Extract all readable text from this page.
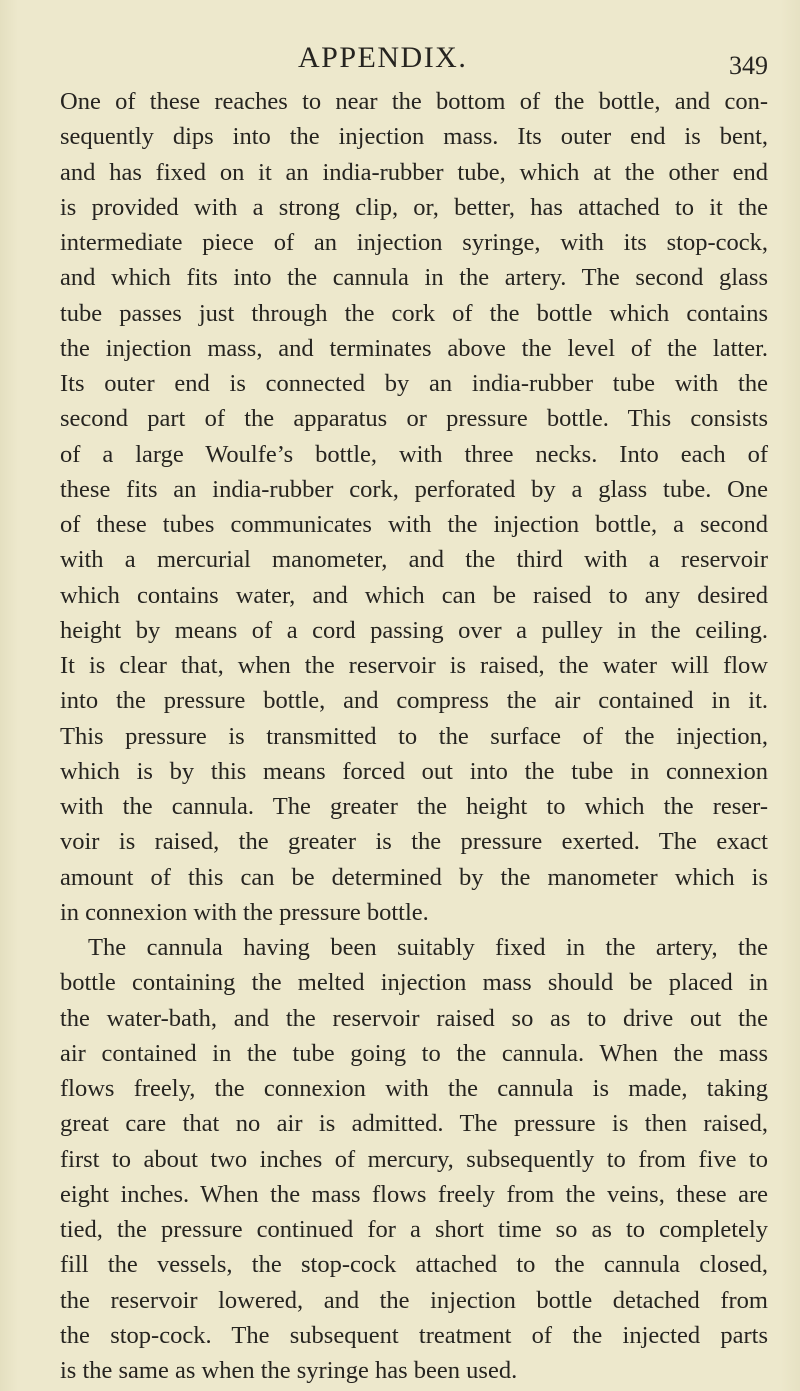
APPENDIX.	349
One of these reaches to near the bottom of the bottle, and con-
sequently dips into the injection mass. Its outer end is bent,
and has fixed on it an india-rubber tube, which at the other end
is provided with a strong clip, or, better, has attached to it the
intermediate piece of an injection syringe, with its stop-cock,
and which fits into the cannula in the artery. The second glass
tube passes just through the cork of the bottle which contains
the injection mass, and terminates above the level of the latter.
Its outer end is connected by an india-rubber tube with the
second part of the apparatus or pressure bottle. This consists
of a large Woulfe’s bottle, with three necks. Into each of
these fits an india-rubber cork, perforated by a glass tube. One
of these tubes communicates with the injection bottle, a second
with a mercurial manometer, and the third with a reservoir
which contains water, and which can be raised to any desired
height by means of a cord passing over a pulley in the ceiling.
It is clear that, when the reservoir is raised, the water will flow
into the pressure bottle, and compress the air contained in it.
This pressure is transmitted to the surface of the injection,
which is by this means forced out into the tube in connexion
with the cannula. The greater the height to which the reser-
voir is raised, the greater is the pressure exerted. The exact
amount of this can be determined by the manometer which is
in connexion with the pressure bottle.
The cannula having been suitably fixed in the artery, the
bottle containing the melted injection mass should be placed in
the water-bath, and the reservoir raised so as to drive out the
air contained in the tube going to the cannula. When the mass
flows freely, the connexion with the cannula is made, taking
great care that no air is admitted. The pressure is then raised,
first to about two inches of mercury, subsequently to from five to
eight inches. When the mass flows freely from the veins, these are
tied, the pressure continued for a short time so as to completely
fill the vessels, the stop-cock attached to the cannula closed,
the reservoir lowered, and the injection bottle detached from
the stop-cock. The subsequent treatment of the injected parts
is the same as when the syringe has been used.
